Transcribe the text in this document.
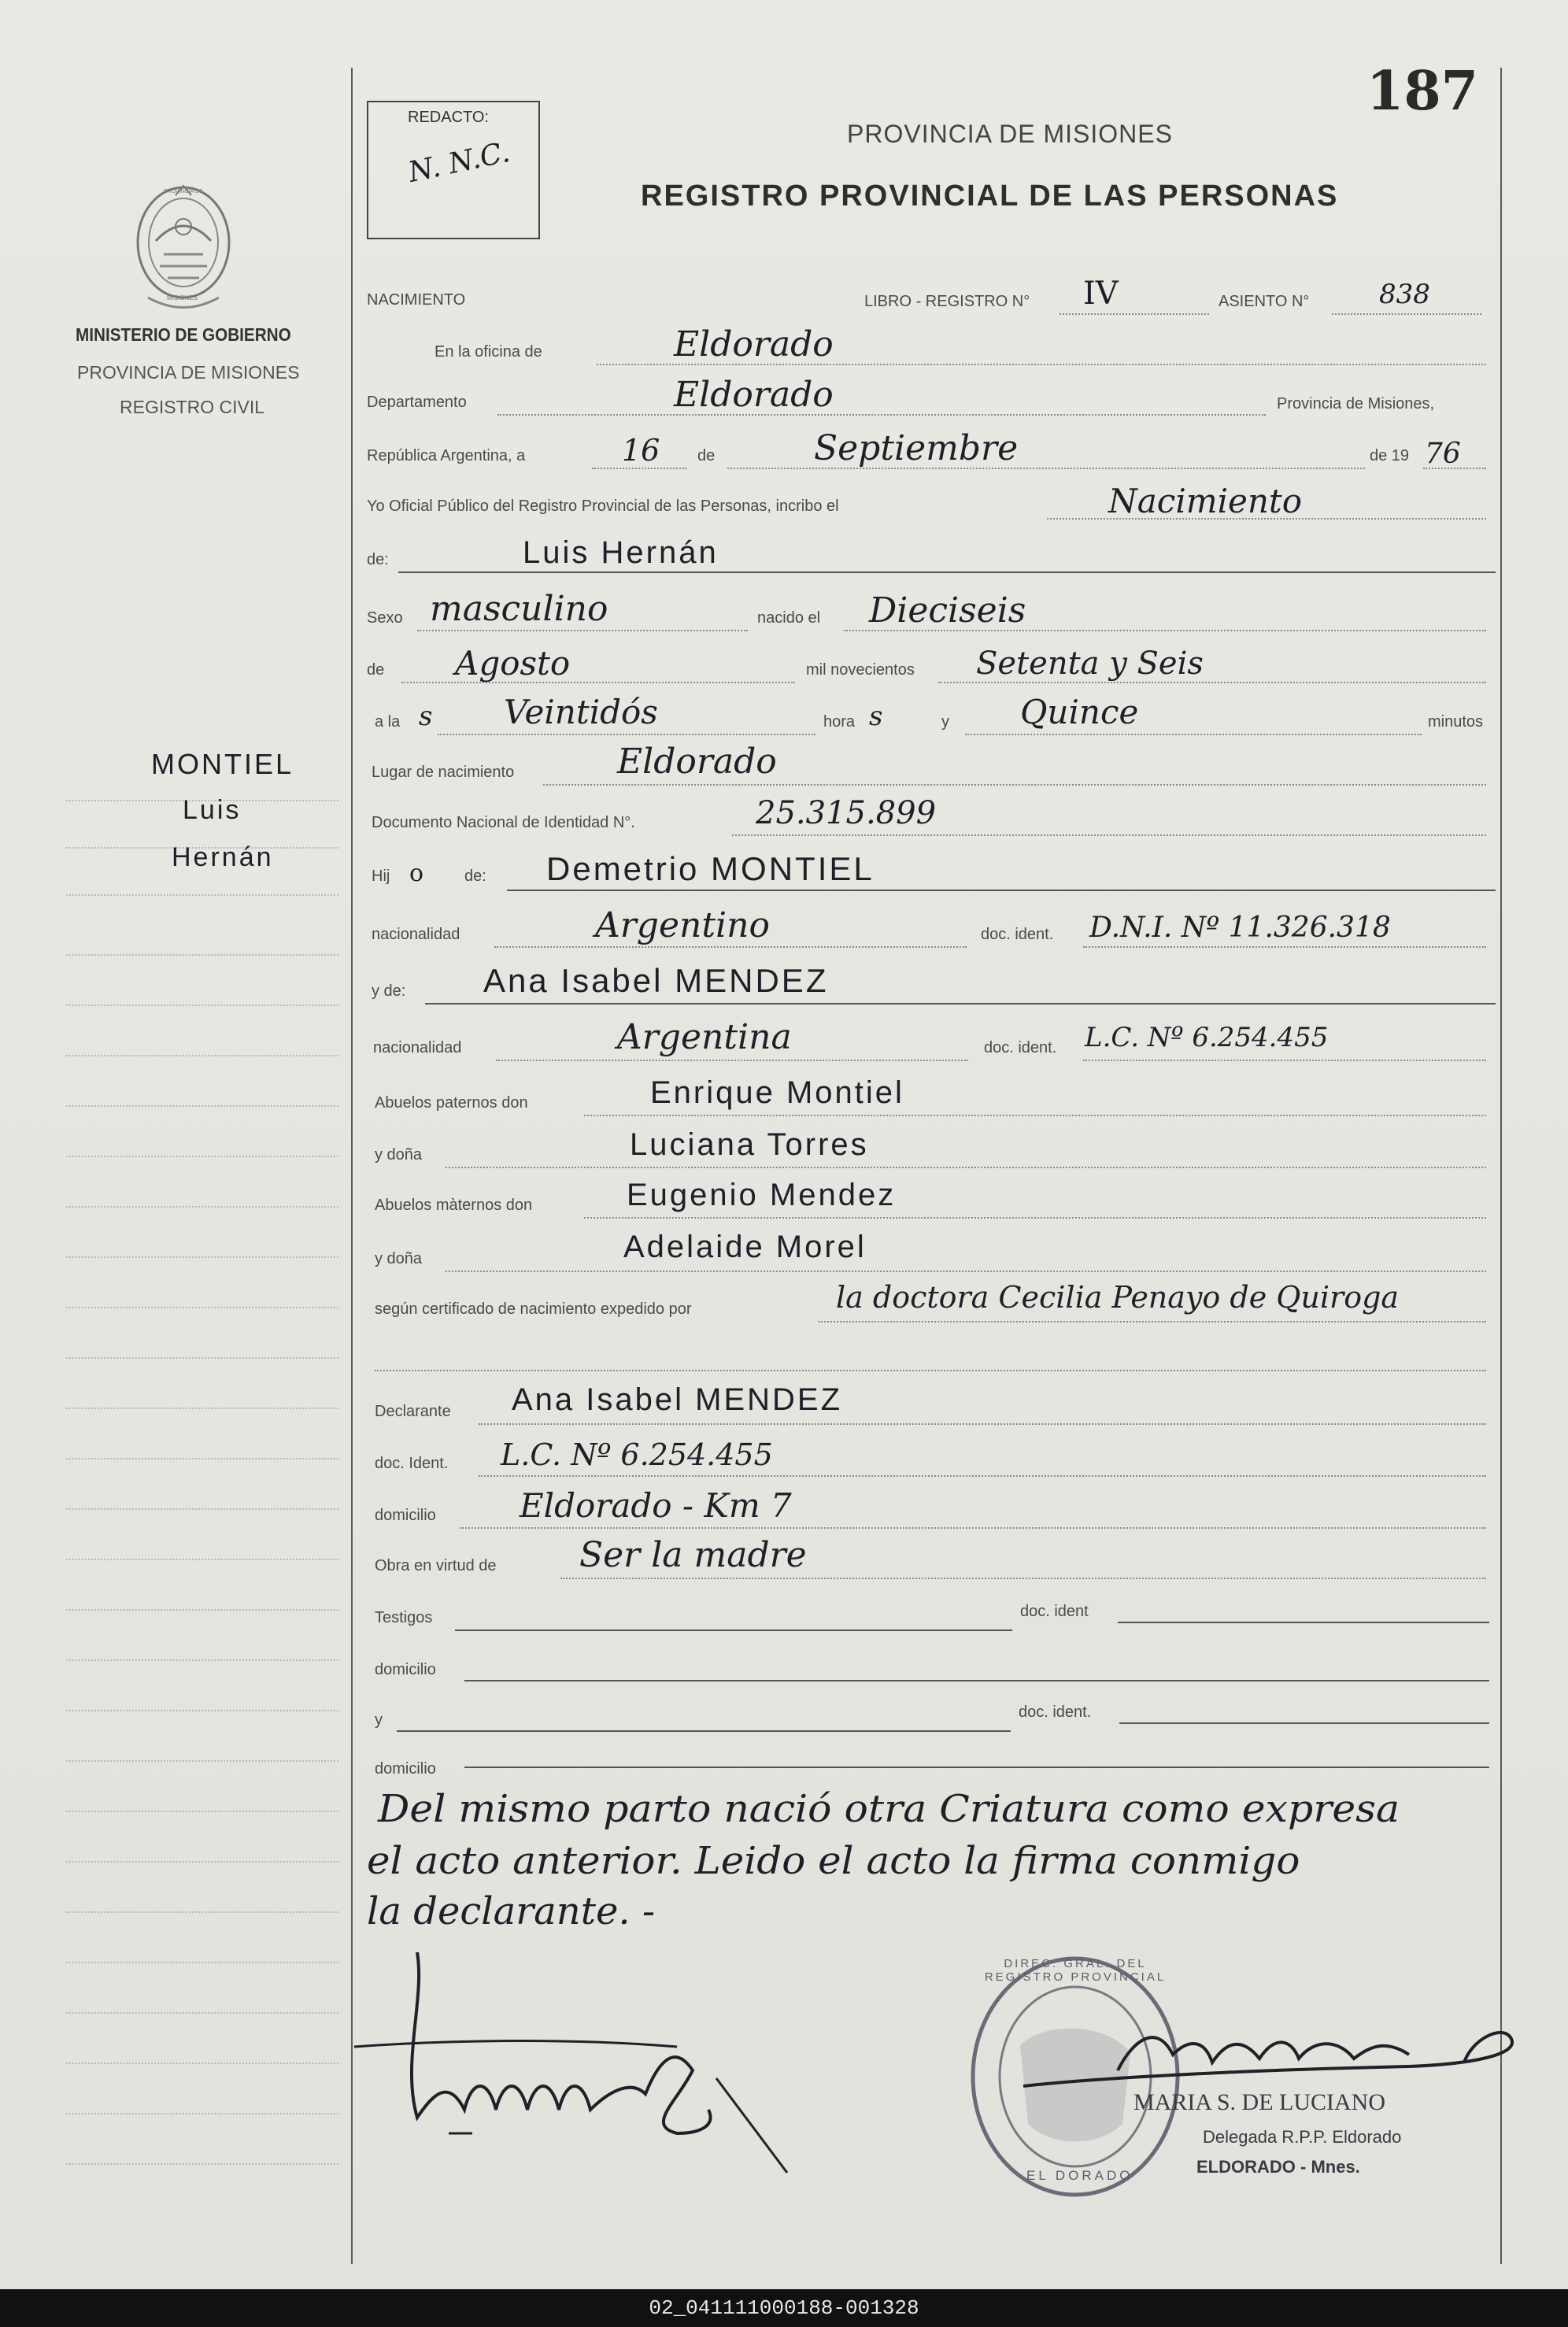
187
REDACTO:
N. N.C.
PROVINCIA DE MISIONES
REGISTRO PROVINCIAL DE LAS PERSONAS
PROVINCIA DE
MISIONES
MINISTERIO DE GOBIERNO
PROVINCIA DE MISIONES
REGISTRO CIVIL
MONTIEL
Luis
Hernán
NACIMIENTO	LIBRO - REGISTRO N° IV	ASIENTO N°	838
En la oficina de	Eldorado
Departamento	Eldorado	Provincia de Misiones,
República Argentina, a	16 de	Septiembre	de 19 76
Yo Oficial Público del Registro Provincial de las Personas, incribo el	Nacimiento
de:	Luis Hernán
Sexo masculino	nacido el Dieciseis
de Agosto	mil novecientos Setenta y Seis
a la s Veintidós	hora s	y Quince	minutos
Lugar de nacimiento	Eldorado
Documento Nacional de Identidad N°.	25.315.899
Hij o	de: Demetrio MONTIEL
nacionalidad	Argentino	doc. ident. D.N.I. Nº 11.326.318
y de: Ana Isabel MENDEZ
nacionalidad	Argentina	doc. ident. L.C. Nº 6.254.455
Abuelos paternos don	Enrique Montiel
y doña	Luciana Torres
Abuelos màternos don	Eugenio Mendez
y doña	Adelaide Morel
según certificado de nacimiento expedido por	la doctora Cecilia Penayo de Quiroga
Declarante Ana Isabel MENDEZ
doc. Ident. L.C. Nº 6.254.455
domicilio	Eldorado - Km 7
Obra en virtud de Ser la madre
Testigos	doc. ident
domicilio
y	doc. ident.
domicilio
Del mismo parto nació otra Criatura como expresa
el acto anterior. Leido el acto la firma conmigo
la declarante. -
DIREC. GRAL. DEL REGISTRO PROVINCIAL
EL DORADO
MARIA S. DE LUCIANO
Delegada R.P.P. Eldorado
ELDORADO - Mnes.
02_041111000188-001328
